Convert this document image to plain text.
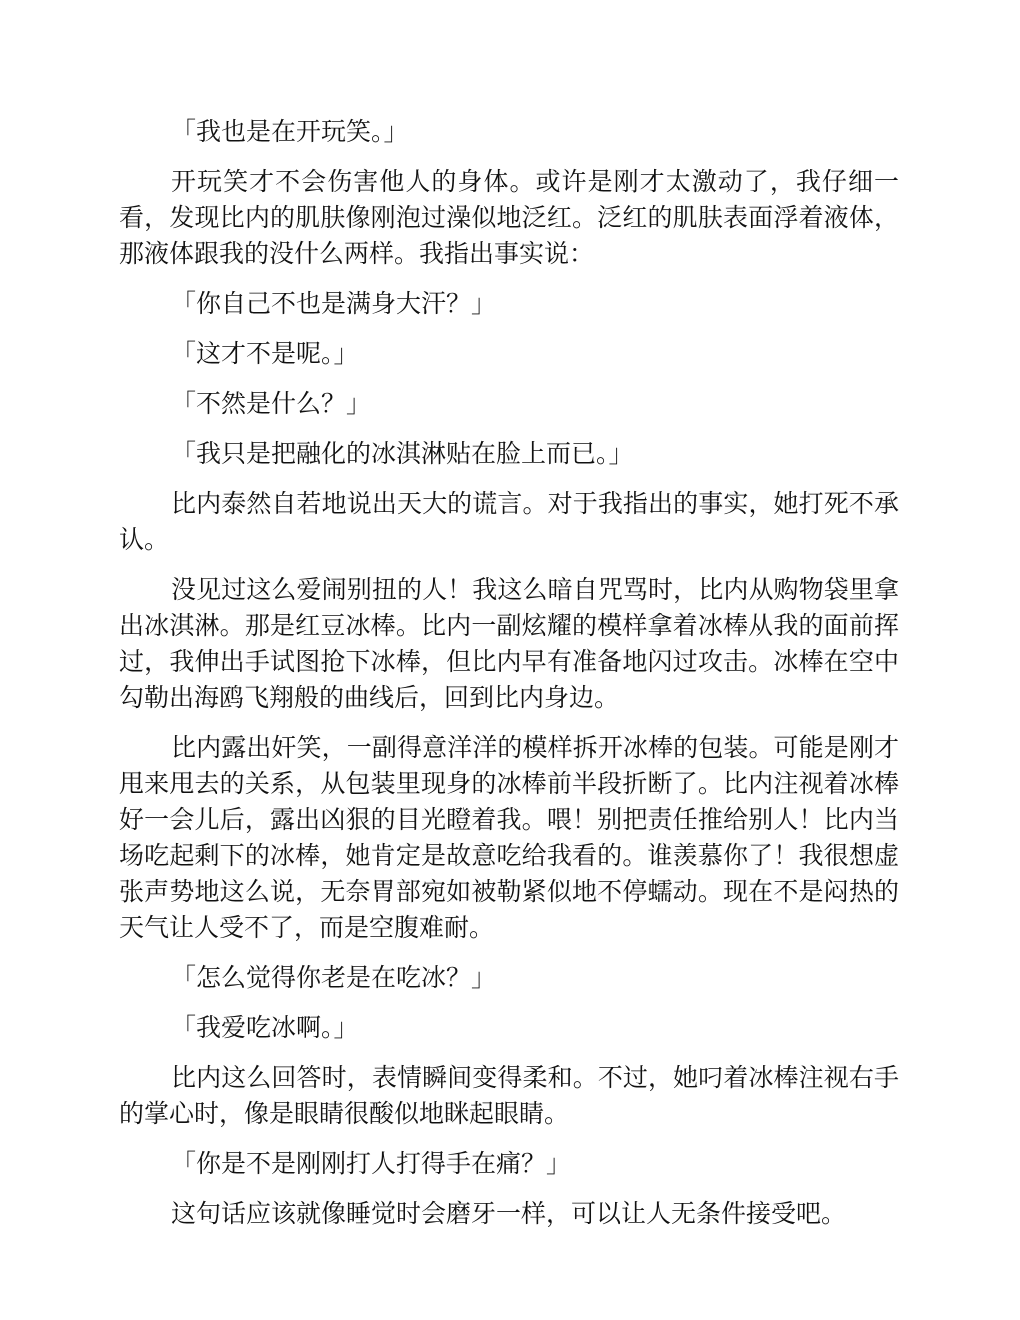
「我也是在开玩笑。」

开玩笑才不会伤害他人的身体。或许是刚才太激动了，我仔细一看，发现比内的肌肤像刚泡过澡似地泛红。泛红的肌肤表面浮着液体，那液体跟我的没什么两样。我指出事实说：

「你自己不也是满身大汗？」

「这才不是呢。」

「不然是什么？」

「我只是把融化的冰淇淋贴在脸上而已。」

比内泰然自若地说出天大的谎言。对于我指出的事实，她打死不承认。

没见过这么爱闹别扭的人！我这么暗自咒骂时，比内从购物袋里拿出冰淇淋。那是红豆冰棒。比内一副炫耀的模样拿着冰棒从我的面前挥过，我伸出手试图抢下冰棒，但比内早有准备地闪过攻击。冰棒在空中勾勒出海鸥飞翔般的曲线后，回到比内身边。

比内露出奸笑，一副得意洋洋的模样拆开冰棒的包装。可能是刚才甩来甩去的关系，从包装里现身的冰棒前半段折断了。比内注视着冰棒好一会儿后，露出凶狠的目光瞪着我。喂！别把责任推给别人！比内当场吃起剩下的冰棒，她肯定是故意吃给我看的。谁羡慕你了！我很想虚张声势地这么说，无奈胃部宛如被勒紧似地不停蠕动。现在不是闷热的天气让人受不了，而是空腹难耐。

「怎么觉得你老是在吃冰？」

「我爱吃冰啊。」

比内这么回答时，表情瞬间变得柔和。不过，她叼着冰棒注视右手的掌心时，像是眼睛很酸似地眯起眼睛。

「你是不是刚刚打人打得手在痛？」

这句话应该就像睡觉时会磨牙一样，可以让人无条件接受吧。
